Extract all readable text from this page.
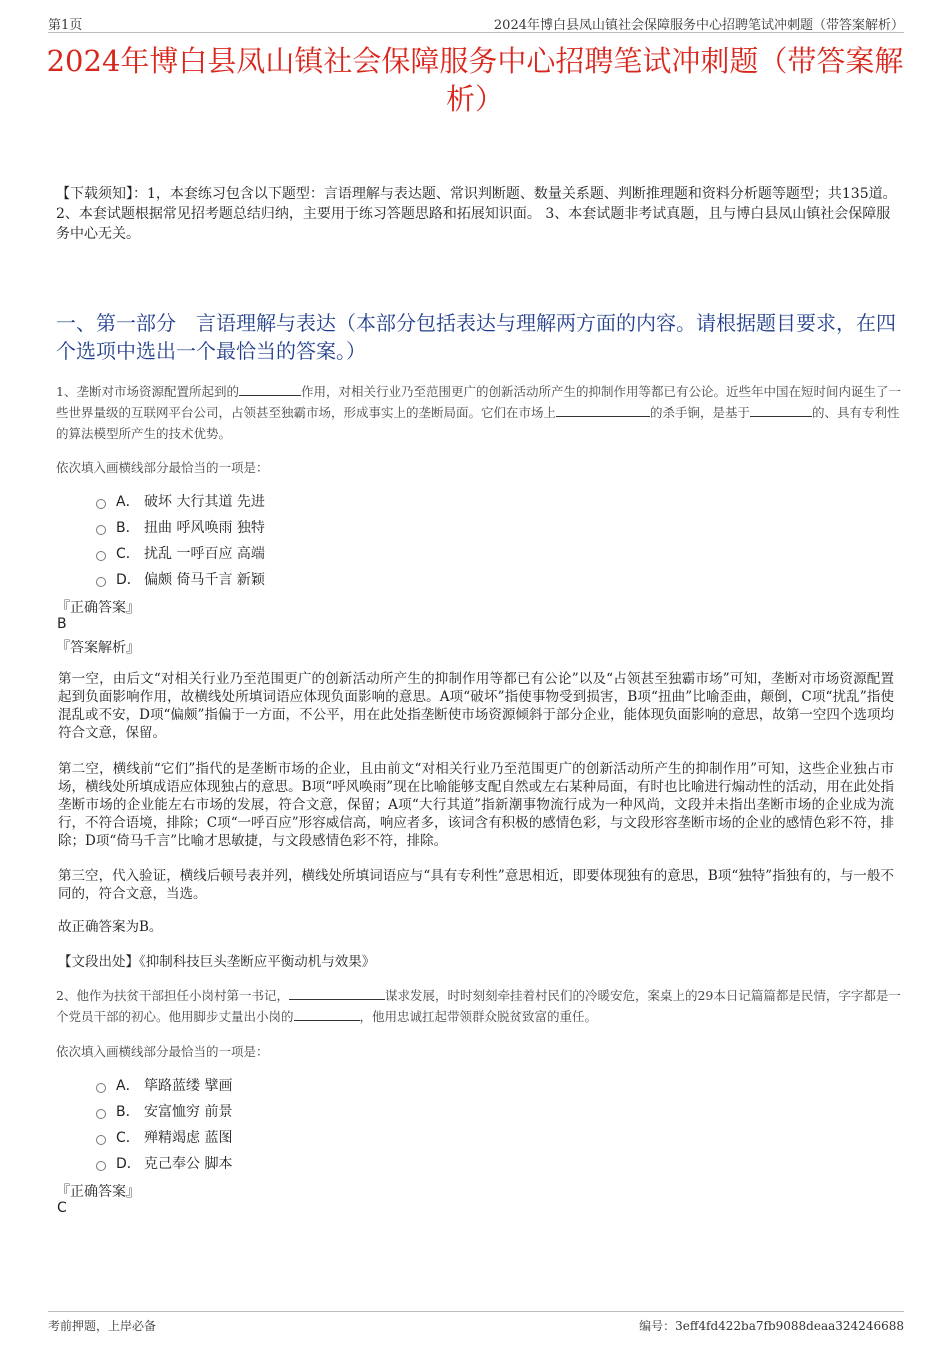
第1页	2024年博白县凤山镇社会保障服务中心招聘笔试冲刺题（带答案解析）
2024年博白县凤山镇社会保障服务中心招聘笔试冲刺题（带答案解析）
【下载须知】：1，本套练习包含以下题型：言语理解与表达题、常识判断题、数量关系题、判断推理题和资料分析题等题型；共135道。 2、本套试题根据常见招考题总结归纳，主要用于练习答题思路和拓展知识面。 3、本套试题非考试真题，且与博白县凤山镇社会保障服务中心无关。
一、第一部分　言语理解与表达（本部分包括表达与理解两方面的内容。请根据题目要求，在四个选项中选出一个最恰当的答案。）
1、垄断对市场资源配置所起到的	作用，对相关行业乃至范围更广的创新活动所产生的抑制作用等都已有公论。近些年中国在短时间内诞生了一些世界量级的互联网平台公司，占领甚至独霸市场，形成事实上的垄断局面。它们在市场上	的杀手锏，是基于	的、具有专利性的算法模型所产生的技术优势。
依次填入画横线部分最恰当的一项是：
A． 破坏 大行其道 先进
B． 扭曲 呼风唤雨 独特
C． 扰乱 一呼百应 高端
D． 偏颇 倚马千言 新颖
『正确答案』
B
『答案解析』
第一空，由后文“对相关行业乃至范围更广的创新活动所产生的抑制作用等都已有公论”以及“占领甚至独霸市场”可知，垄断对市场资源配置起到负面影响作用，故横线处所填词语应体现负面影响的意思。A项“破坏”指使事物受到损害，B项“扭曲”比喻歪曲，颠倒，C项“扰乱”指使混乱或不安，D项“偏颇”指偏于一方面，不公平，用在此处指垄断使市场资源倾斜于部分企业，能体现负面影响的意思，故第一空四个选项均符合文意，保留。
第二空，横线前“它们”指代的是垄断市场的企业，且由前文“对相关行业乃至范围更广的创新活动所产生的抑制作用”可知，这些企业独占市场，横线处所填成语应体现独占的意思。B项“呼风唤雨”现在比喻能够支配自然或左右某种局面，有时也比喻进行煽动性的活动，用在此处指垄断市场的企业能左右市场的发展，符合文意，保留；A项“大行其道”指新潮事物流行成为一种风尚，文段并未指出垄断市场的企业成为流行，不符合语境，排除；C项“一呼百应”形容威信高，响应者多，该词含有积极的感情色彩，与文段形容垄断市场的企业的感情色彩不符，排除；D项“倚马千言”比喻才思敏捷，与文段感情色彩不符，排除。
第三空，代入验证，横线后顿号表并列，横线处所填词语应与“具有专利性”意思相近，即要体现独有的意思，B项“独特”指独有的，与一般不同的，符合文意，当选。
故正确答案为B。
【文段出处】《抑制科技巨头垄断应平衡动机与效果》
2、他作为扶贫干部担任小岗村第一书记，	谋求发展，时时刻刻牵挂着村民们的冷暖安危，案桌上的29本日记篇篇都是民情，字字都是一个党员干部的初心。他用脚步丈量出小岗的	，他用忠诚扛起带领群众脱贫致富的重任。
依次填入画横线部分最恰当的一项是：
A． 筚路蓝缕 擘画
B． 安富恤穷 前景
C． 殚精竭虑 蓝图
D． 克己奉公 脚本
『正确答案』
C
考前押题，上岸必备	编号：3eff4fd422ba7fb9088deaa324246688
